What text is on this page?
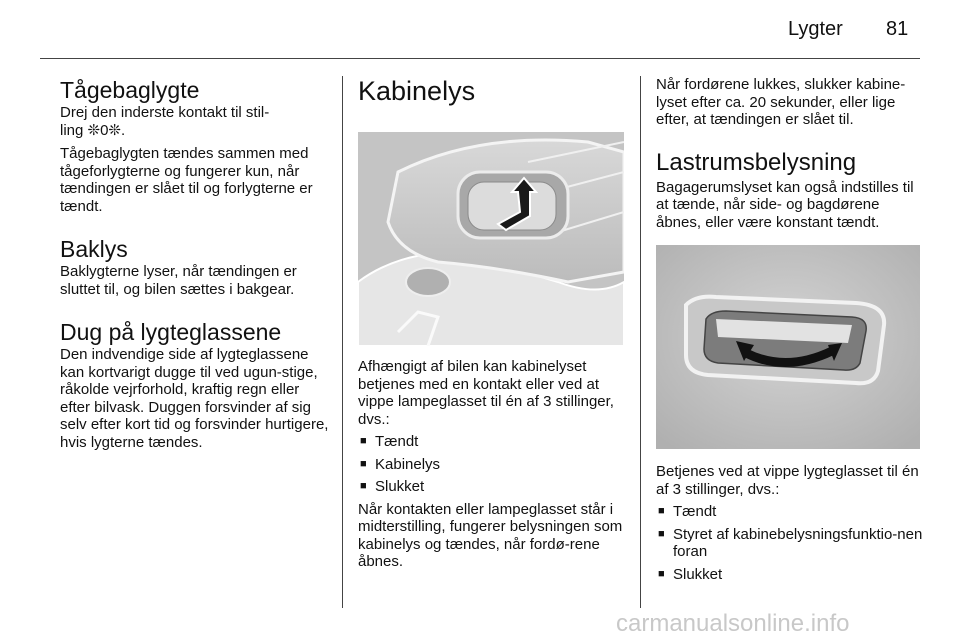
Lygter 81
Tågebaglygte

Drej den inderste kontakt til stil-ling ❊0❊.

Tågebaglygten tændes sammen med tågeforlygterne og fungerer kun, når tændingen er slået til og forlygterne er tændt.

Baklys

Baklygterne lyser, når tændingen er sluttet til, og bilen sættes i bakgear.

Dug på lygteglassene

Den indvendige side af lygteglassene kan kortvarigt dugge til ved ugun-stige, råkolde vejrforhold, kraftig regn eller efter bilvask. Duggen forsvinder af sig selv efter kort tid og forsvinder hurtigere, hvis lygterne tændes.

Kabinelys

Afhængigt af bilen kan kabinelyset betjenes med en kontakt eller ved at vippe lampeglasset til én af 3 stillinger, dvs.:

■ Tændt
■ Kabinelys
■ Slukket

Når kontakten eller lampeglasset står i midterstilling, fungerer belysningen som kabinelys og tændes, når fordø-rene åbnes.

Når fordørene lukkes, slukker kabine-lyset efter ca. 20 sekunder, eller lige efter, at tændingen er slået til.

Lastrumsbelysning

Bagagerumslyset kan også indstilles til at tænde, når side- og bagdørene åbnes, eller være konstant tændt.

Betjenes ved at vippe lygteglasset til én af 3 stillinger, dvs.:

■ Tændt
■ Styret af kabinebelysningsfunktio-nen foran
■ Slukket
carmanualsonline.info
